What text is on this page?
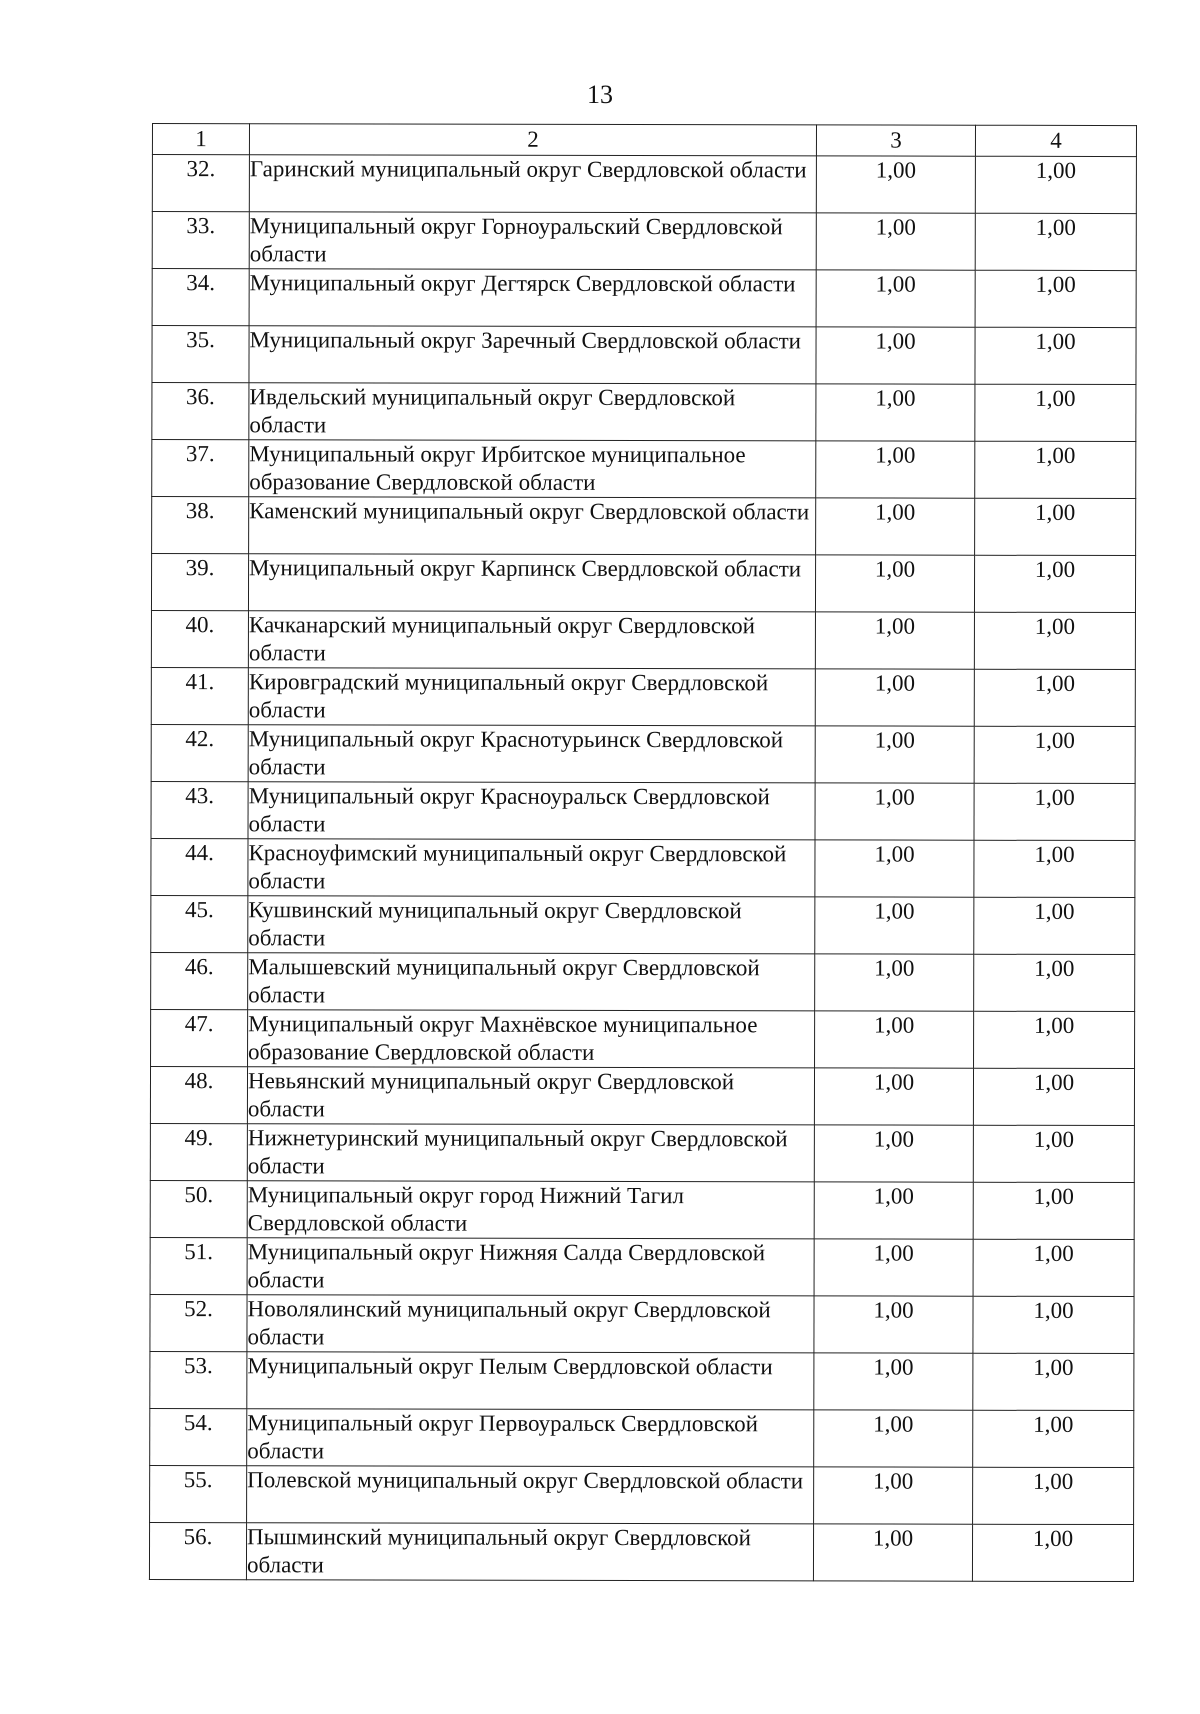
13
1	2	3	4
32.	Гаринский муниципальный округ Свердловской области	1,00	1,00
33.	Муниципальный округ Горноуральский Свердловской области	1,00	1,00
34.	Муниципальный округ Дегтярск Свердловской области	1,00	1,00
35.	Муниципальный округ Заречный Свердловской области	1,00	1,00
36.	Ивдельский муниципальный округ Свердловской области	1,00	1,00
37.	Муниципальный округ Ирбитское муниципальное образование Свердловской области	1,00	1,00
38.	Каменский муниципальный округ Свердловской области	1,00	1,00
39.	Муниципальный округ Карпинск Свердловской области	1,00	1,00
40.	Качканарский муниципальный округ Свердловской области	1,00	1,00
41.	Кировградский муниципальный округ Свердловской области	1,00	1,00
42.	Муниципальный округ Краснотурьинск Свердловской области	1,00	1,00
43.	Муниципальный округ Красноуральск Свердловской области	1,00	1,00
44.	Красноуфимский муниципальный округ Свердловской области	1,00	1,00
45.	Кушвинский муниципальный округ Свердловской области	1,00	1,00
46.	Малышевский муниципальный округ Свердловской области	1,00	1,00
47.	Муниципальный округ Махнёвское муниципальное образование Свердловской области	1,00	1,00
48.	Невьянский муниципальный округ Свердловской области	1,00	1,00
49.	Нижнетуринский муниципальный округ Свердловской области	1,00	1,00
50.	Муниципальный округ город Нижний Тагил Свердловской области	1,00	1,00
51.	Муниципальный округ Нижняя Салда Свердловской области	1,00	1,00
52.	Новолялинский муниципальный округ Свердловской области	1,00	1,00
53.	Муниципальный округ Пелым Свердловской области	1,00	1,00
54.	Муниципальный округ Первоуральск Свердловской области	1,00	1,00
55.	Полевской муниципальный округ Свердловской области	1,00	1,00
56.	Пышминский муниципальный округ Свердловской области	1,00	1,00
